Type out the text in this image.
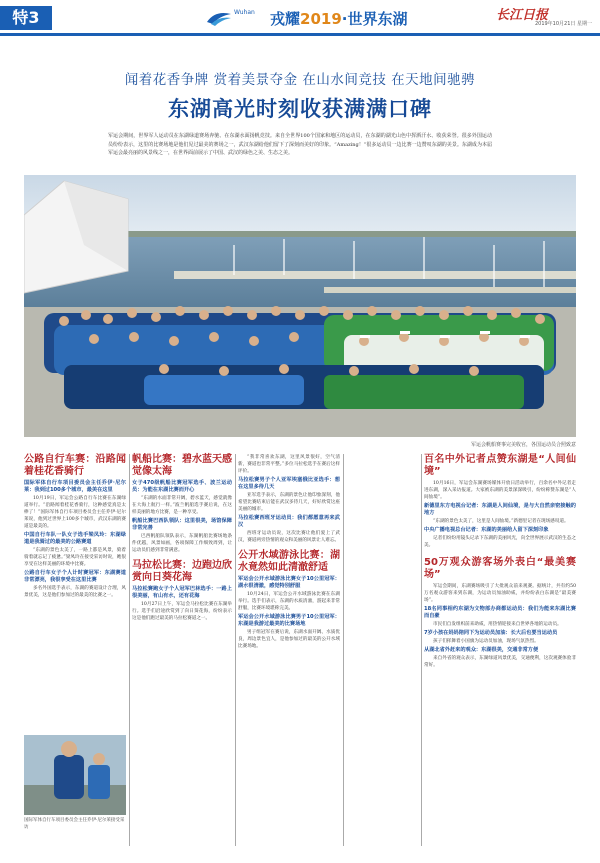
特3	Wuhan	戎耀2019·世界东湖	长江日报
2019年10月21日 星期一
闻着花香争牌 赏着美景夺金 在山水间竞技 在天地间驰骋
东湖高光时刻收获满满口碑
军运会期间，世界军人运动员在东湖绿道赛场奔驰、在东湖水面扬帆竞技。来自全世界100个国家和地区的运动员，在东湖的湖光山色中挥洒汗水、收获荣誉。很多外国运动员纷纷表示，这里的比赛场地是他们见过最美的赛场之一，武汉东湖给他们留下了深刻而美好的印象。“Amazing！”很多运动员一边比赛一边赞叹东湖的美景。东湖成为本届军运会最亮丽的风景线之一，在世界面前展示了中国、武汉的绿色之美、生态之美。
军运会帆船赛事完美收官，各国运动员合照致意
公路自行车赛：沿路闻着桂花香骑行
国际军体自行车项目委员会主任乔伊·尼尔莱：我到过100多个城市，最美在这里

10月19日，军运会公路自行车比赛在东湖绿道举行。“沿路闻着桂花香骑行，这种感觉真是太棒了！”国际军体自行车项目委员会主任乔伊·尼尔莱说，他到过世界上100多个城市，武汉东湖的赛道是最美的。

中国自行车队一队女子选手梁凤玲：东湖绿道是我骑过的最美的公路赛道

“东湖的景色太美了，一路上都是风景，骑着骑着就忘记了疲惫。”梁凤玲在接受采访时说，她很享受在这样美丽的环境中比赛。

公路自行车女子个人计时赛冠军：东湖赛道非常漂亮，我很享受在这里比赛

多名外国选手表示，东湖的赛道设计合理，风景优美，这是他们参加过的最美的比赛之一。

国际军体自行车项目委员会主任乔伊·尼尔莱接受采访
帆船比赛：碧水蓝天感觉像太海
女子470级帆船比赛冠军选手、波兰运动员：为能在东湖比赛而开心

“东湖的水面非常开阔，碧水蓝天，感觉就像在大海上航行一样。”波兰帆船选手赛后说，在这样美丽的地方比赛，是一种享受。

帆船比赛巴西队领队：这里很美，场馆保障非常完善

巴西帆船队领队表示，东湖帆船比赛场地条件优越，风景如画，各项保障工作细致周到，让运动员们感到非常满意。

马拉松比赛：边跑边欣赏向日葵花海
马拉松赛跑女子个人冠军巴林选手：一路上很美丽，有山有水，还有花海

10月27日上午，军运会马拉松比赛在东湖举行。选手们沿途欣赏到了向日葵花海，纷纷表示这是他们跑过最美的马拉松赛道之一。

“我非常喜欢东湖，这里风景很好，空气清新，赛道也非常平整。”多位马拉松选手在赛后这样评价。

马拉松赛男子个人亚军埃塞俄比亚选手：想在这里多待几天

亚军选手表示，东湖的景色让他印象深刻，他希望比赛结束后能在武汉多待几天，好好欣赏这座美丽的城市。

马拉松赛西班牙运动员：我们都愿意再来武汉

西班牙运动员说，这次比赛让他们爱上了武汉，赛道两旁热情的观众和美丽的风景让人难忘。

公开水域游泳比赛：湖水竟然如此清澈舒适
军运会公开水域游泳比赛女子10公里冠军：湖水很清澈，感觉特别舒服

10月24日，军运会公开水域游泳比赛在东湖举行。选手们表示，东湖的水质清澈，游起来非常舒服，比赛环境堪称完美。

军运会公开水域游泳比赛男子10公里冠军：东湖是我游过最美的比赛场地

男子组冠军在赛后说，东湖水面开阔、水质优良，周边景色宜人，是他参加过的最美的公开水域比赛场地。

百名中外记者点赞东湖是“人间仙境”

10月16日，军运会东湖赛场媒体开放日活动举行，百余名中外记者走进东湖，深入采访报道。大家被东湖的美景深深吸引，纷纷称赞东湖是“人间仙境”。

新德里东方电视台记者：东湖是人间仙境，是与大自然亲密接触的地方

“东湖的景色太美了，这里是人间仙境。”新德里记者在现场感叹道。

中央广播电视总台记者：东湖的美丽给人留下深刻印象

记者们纷纷用镜头记录下东湖的美丽风光，向全世界展示武汉的生态之美。

50万观众游客场外表白“最美赛场”

军运会期间，东湖赛场吸引了大批观众前来观赛。据统计，共有约50万名观众游客来到东湖，为运动员加油助威，并纷纷表白东湖是“最美赛场”。

18名同事相约东湖为文物部办商都运动员：我们为能来东湖比赛而自豪

市民们自发组织前来助威，用热情迎接来自世界各地的运动员。

7岁小孩在妈妈陪同下为运动员加油：长大后也要当运动员

孩子们挥舞着小国旗为运动员加油，现场气氛热烈。

从湖北省外赶来的观众：东湖很美，交通非常方便

来自外省的观众表示，东湖绿道风景优美，交通便利，这次观赛体验非常好。
